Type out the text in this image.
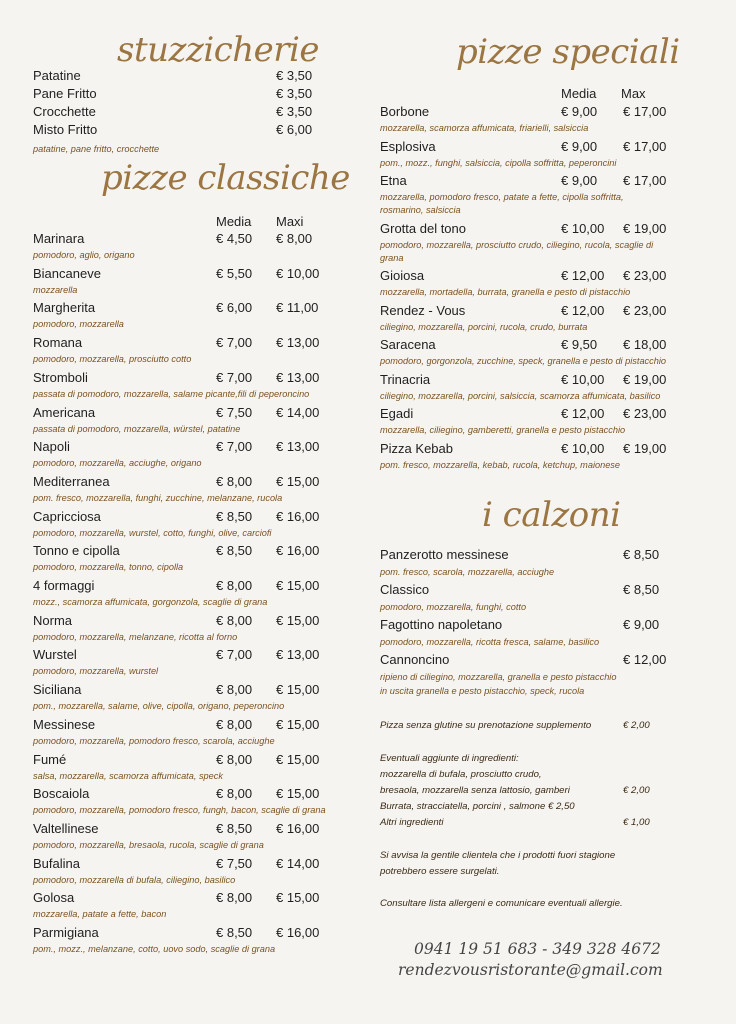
stuzzicherie
Patatine	€ 3,50
Pane Fritto	€ 3,50
Crocchette	€ 3,50
Misto Fritto	€ 6,00
patatine, pane fritto, crocchette
pizze classiche
Media Maxi
Marinara	€ 4,50 € 8,00
pomodoro, aglio, origano
Biancaneve	€ 5,50 € 10,00
mozzarella
Margherita	€ 6,00 € 11,00
pomodoro, mozzarella
Romana	€ 7,00 € 13,00
pomodoro, mozzarella, prosciutto cotto
Stromboli	€ 7,00 € 13,00
passata di pomodoro, mozzarella, salame picante,fili di peperoncino
Americana	€ 7,50 € 14,00
passata di pomodoro, mozzarella, würstel, patatine
Napoli	€ 7,00 € 13,00
pomodoro, mozzarella, acciughe, origano
Mediterranea	€ 8,00 € 15,00
pom. fresco, mozzarella, funghi, zucchine, melanzane, rucola
Capricciosa	€ 8,50 € 16,00
pomodoro, mozzarella, wurstel, cotto, funghi, olive, carciofi
Tonno e cipolla	€ 8,50 € 16,00
pomodoro, mozzarella, tonno, cipolla
4 formaggi	€ 8,00 € 15,00
mozz., scamorza affumicata, gorgonzola, scaglie di grana
Norma	€ 8,00 € 15,00
pomodoro, mozzarella, melanzane, ricotta al forno
Wurstel	€ 7,00 € 13,00
pomodoro, mozzarella, wurstel
Siciliana	€ 8,00 € 15,00
pom., mozzarella, salame, olive, cipolla, origano, peperoncino
Messinese	€ 8,00 € 15,00
pomodoro, mozzarella, pomodoro fresco, scarola, acciughe
Fumé	€ 8,00 € 15,00
salsa, mozzarella, scamorza affumicata, speck
Boscaiola	€ 8,00 € 15,00
pomodoro, mozzarella, pomodoro fresco, fungh, bacon, scaglie di grana
Valtellinese	€ 8,50 € 16,00
pomodoro, mozzarella, bresaola, rucola, scaglie di grana
Bufalina	€ 7,50 € 14,00
pomodoro, mozzarella di bufala, ciliegino, basilico
Golosa	€ 8,00 € 15,00
mozzarella, patate a fette, bacon
Parmigiana	€ 8,50 € 16,00
pom., mozz., melanzane, cotto, uovo sodo, scaglie di grana
pizze speciali
Media Max
Borbone	€ 9,00 € 17,00
mozzarella, scamorza affumicata, friarielli, salsiccia
Esplosiva	€ 9,00 € 17,00
pom., mozz., funghi, salsiccia, cipolla soffritta, peperoncini
Etna	€ 9,00 € 17,00
mozzarella, pomodoro fresco, patate a fette, cipolla soffritta,
rosmarino, salsiccia
Grotta del tono	€ 10,00 € 19,00
pomodoro, mozzarella, prosciutto crudo, ciliegino, rucola, scaglie di
grana
Gioiosa	€ 12,00 € 23,00
mozzarella, mortadella, burrata, granella e pesto di pistacchio
Rendez - Vous	€ 12,00 € 23,00
ciliegino, mozzarella, porcini, rucola, crudo, burrata
Saracena	€ 9,50 € 18,00
pomodoro, gorgonzola, zucchine, speck, granella e pesto di pistacchio
Trinacria	€ 10,00 € 19,00
ciliegino, mozzarella, porcini, salsiccia, scamorza affumicata, basilico
Egadi	€ 12,00 € 23,00
mozzarella, ciliegino, gamberetti, granella e pesto pistacchio
Pizza Kebab	€ 10,00 € 19,00
pom. fresco, mozzarella, kebab, rucola, ketchup, maionese
i calzoni
Panzerotto messinese	€ 8,50
pom. fresco, scarola, mozzarella, acciughe
Classico	€ 8,50
pomodoro, mozzarella, funghi, cotto
Fagottino napoletano	€ 9,00
pomodoro, mozzarella, ricotta fresca, salame, basilico
Cannoncino	€ 12,00
ripieno di ciliegino, mozzarella, granella e pesto pistacchio
in uscita granella e pesto pistacchio, speck, rucola
Pizza senza glutine su prenotazione supplemento	€ 2,00
Eventuali aggiunte di ingredienti:
mozzarella di bufala, prosciutto crudo,
bresaola, mozzarella senza lattosio, gamberi	€ 2,00
Burrata, stracciatella, porcini , salmone € 2,50
Altri ingredienti	€ 1,00
Si avvisa la gentile clientela che i prodotti fuori stagione
potrebbero essere surgelati.
Consultare lista allergeni e comunicare eventuali allergie.
0941 19 51 683 - 349 328 4672
rendezvousristorante@gmail.com
